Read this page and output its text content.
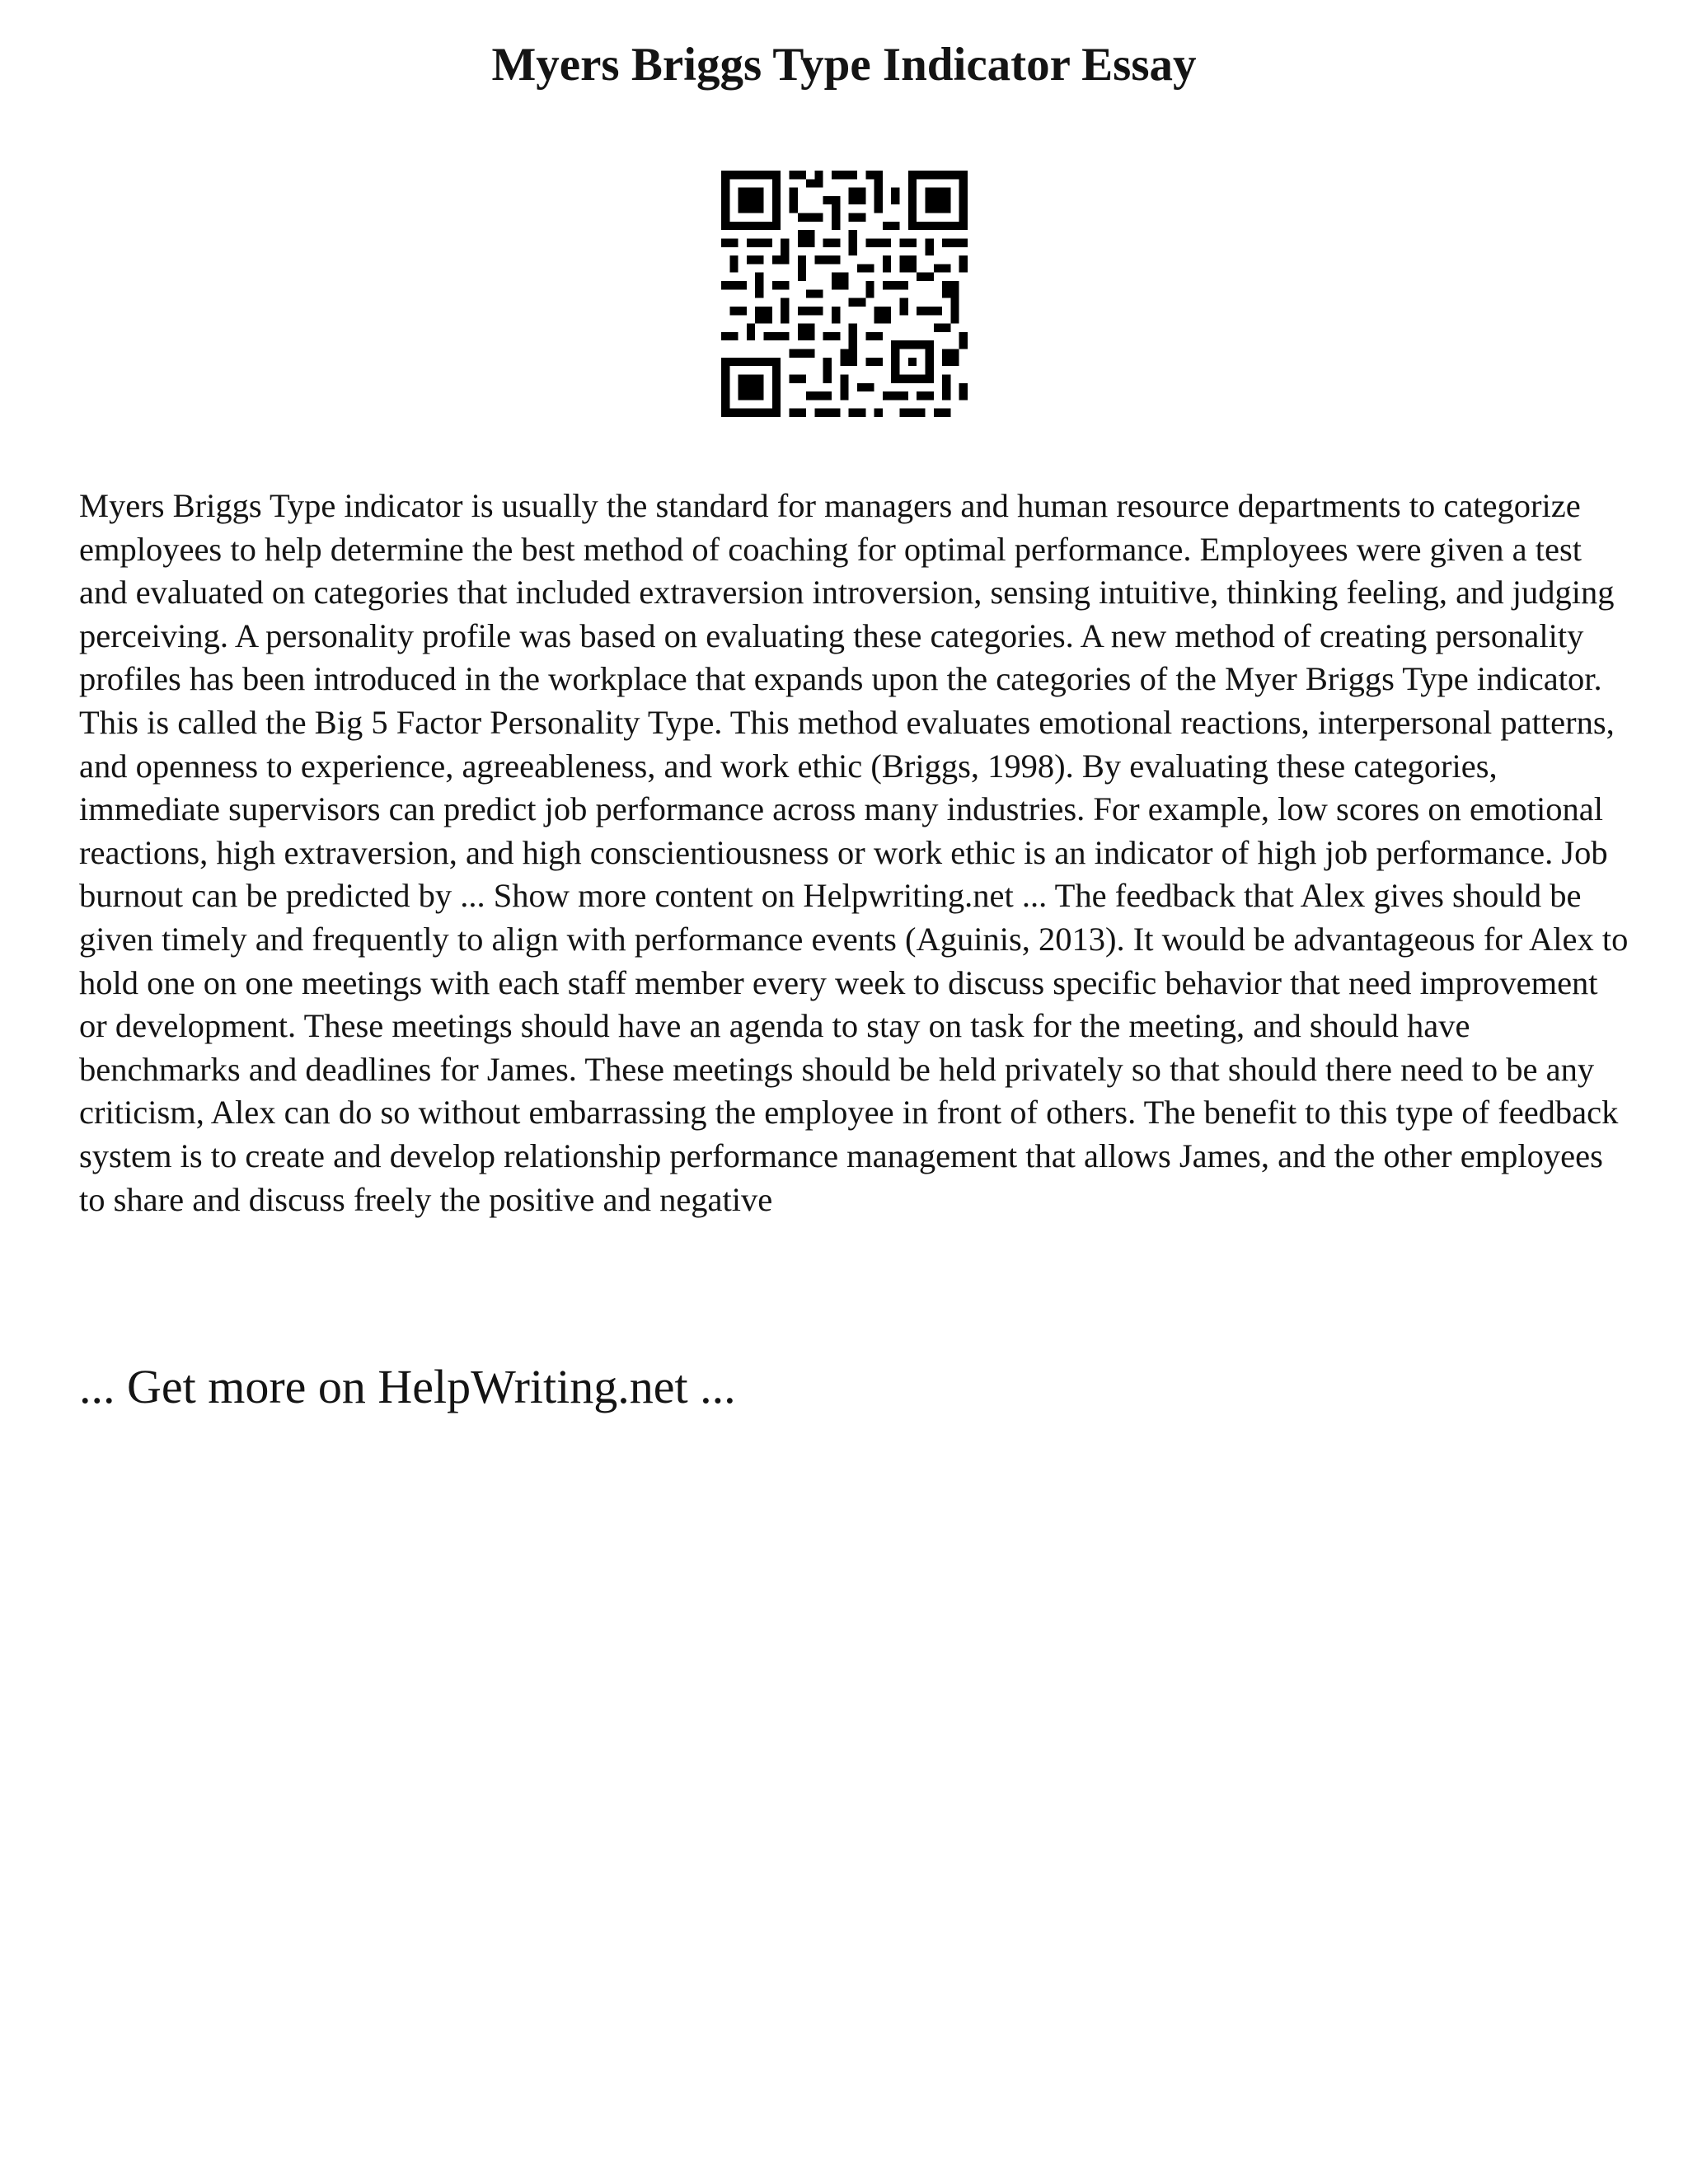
Myers Briggs Type Indicator Essay

Myers Briggs Type indicator is usually the standard for managers and human resource departments to categorize employees to help determine the best method of coaching for optimal performance. Employees were given a test and evaluated on categories that included extraversion introversion, sensing intuitive, thinking feeling, and judging perceiving. A personality profile was based on evaluating these categories. A new method of creating personality profiles has been introduced in the workplace that expands upon the categories of the Myer Briggs Type indicator. This is called the Big 5 Factor Personality Type. This method evaluates emotional reactions, interpersonal patterns, and openness to experience, agreeableness, and work ethic (Briggs, 1998). By evaluating these categories, immediate supervisors can predict job performance across many industries. For example, low scores on emotional reactions, high extraversion, and high conscientiousness or work ethic is an indicator of high job performance. Job burnout can be predicted by ... Show more content on Helpwriting.net ... The feedback that Alex gives should be given timely and frequently to align with performance events (Aguinis, 2013). It would be advantageous for Alex to hold one on one meetings with each staff member every week to discuss specific behavior that need improvement or development. These meetings should have an agenda to stay on task for the meeting, and should have benchmarks and deadlines for James. These meetings should be held privately so that should there need to be any criticism, Alex can do so without embarrassing the employee in front of others. The benefit to this type of feedback system is to create and develop relationship performance management that allows James, and the other employees to share and discuss freely the positive and negative

... Get more on HelpWriting.net ...
